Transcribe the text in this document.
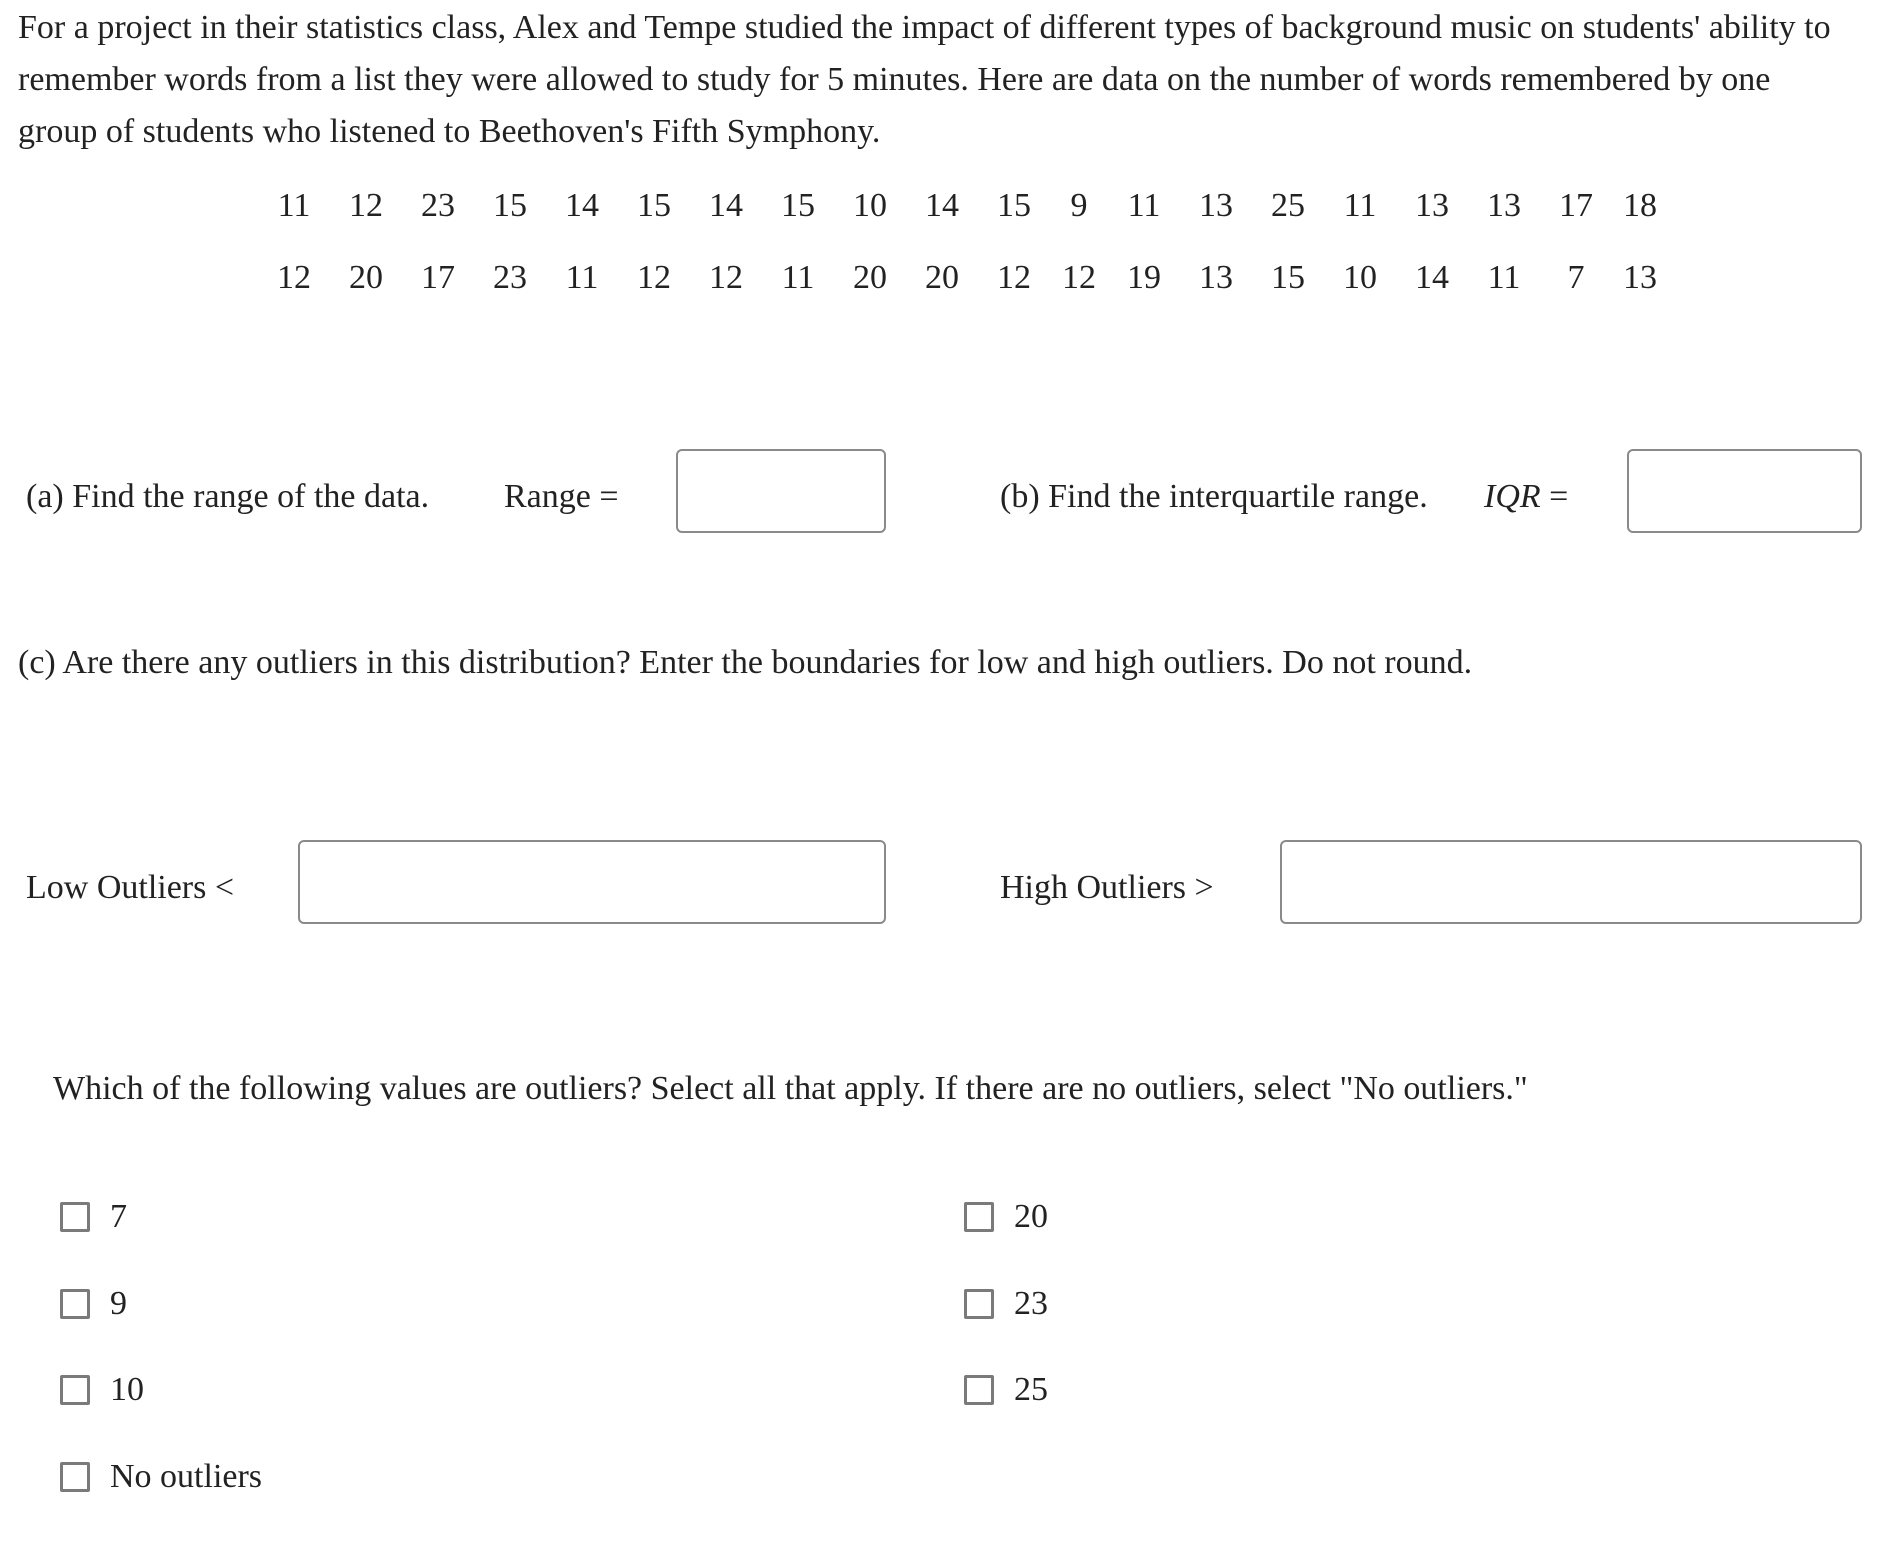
For a project in their statistics class, Alex and Tempe studied the impact of different types of background music on students' ability to remember words from a list they were allowed to study for 5 minutes. Here are data on the number of words remembered by one group of students who listened to Beethoven's Fifth Symphony.

11	12	23	15	14	15	14	15	10	14	15	9	11	13	25	11	13	13	17	18
12	20	17	23	11	12	12	11	20	20	12	12	19	13	15	10	14	11	7	13
(a) Find the range of the data. Range =	(b) Find the interquartile range. IQR =
(c) Are there any outliers in this distribution? Enter the boundaries for low and high outliers. Do not round.
Low Outliers <	High Outliers >
Which of the following values are outliers? Select all that apply. If there are no outliers, select "No outliers."
7
9
10
No outliers
20
23
25
